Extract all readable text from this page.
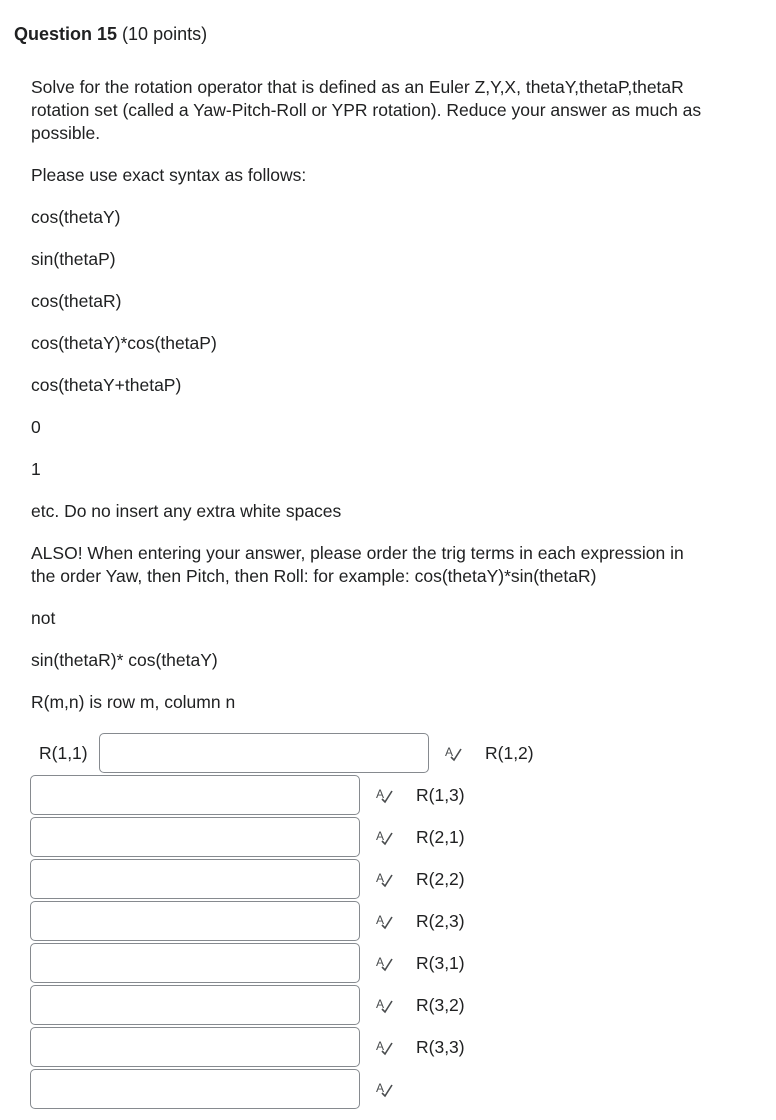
Question 15 (10 points)
Solve for the rotation operator that is defined as an Euler Z,Y,X, thetaY,thetaP,thetaR
rotation set (called a Yaw-Pitch-Roll or YPR rotation). Reduce your answer as much as
possible.
Please use exact syntax as follows:
cos(thetaY)
sin(thetaP)
cos(thetaR)
cos(thetaY)*cos(thetaP)
cos(thetaY+thetaP)
0
1
etc. Do no insert any extra white spaces
ALSO! When entering your answer, please order the trig terms in each expression in
the order Yaw, then Pitch, then Roll: for example: cos(thetaY)*sin(thetaR)
not
sin(thetaR)* cos(thetaY)
R(m,n) is row m, column n
R(1,1)	A R(1,2)
A R(1,3)
A R(2,1)
A R(2,2)
A R(2,3)
A R(3,1)
A R(3,2)
A R(3,3)
A
